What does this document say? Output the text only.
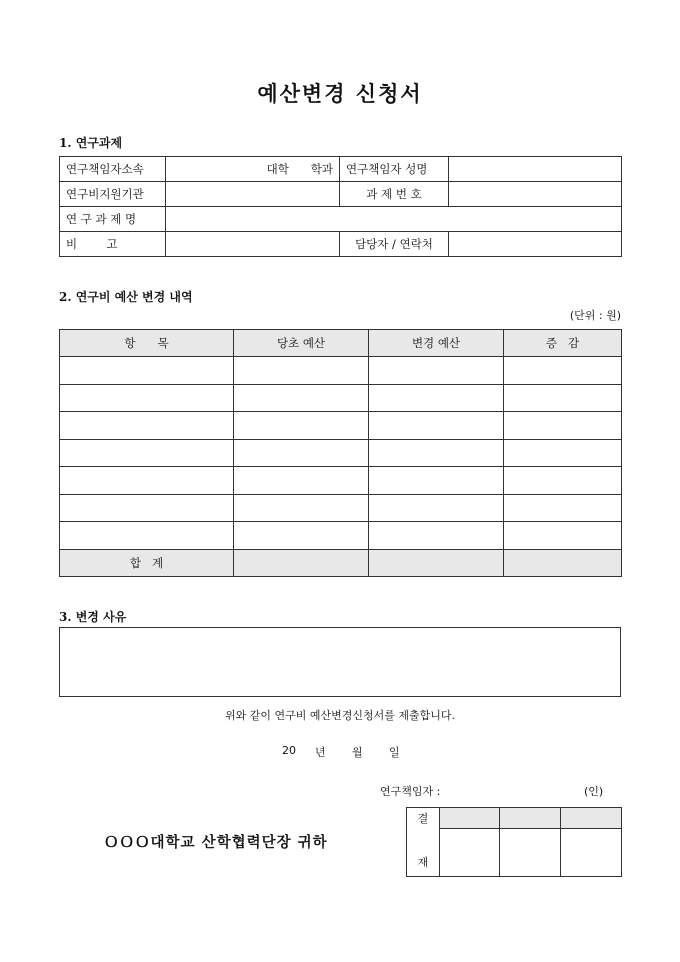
예산변경 신청서
1. 연구과제
연구책임자소속	대학      학과	연구책임자 성명	
연구비지원기관		과 제 번 호	
연 구 과 제 명			
비        고		담당자 / 연락처	
2. 연구비 예산 변경 내역
(단위 : 원)
항      목	당초 예산	변경 예산	증   감

합   계			
3. 변경 사유
위와 같이 연구비 예산변경신청서를 제출합니다.
20 년 월 일
연구책임자 :	(인)
ＯＯＯ대학교 산학협력단장 귀하
결			
재			
